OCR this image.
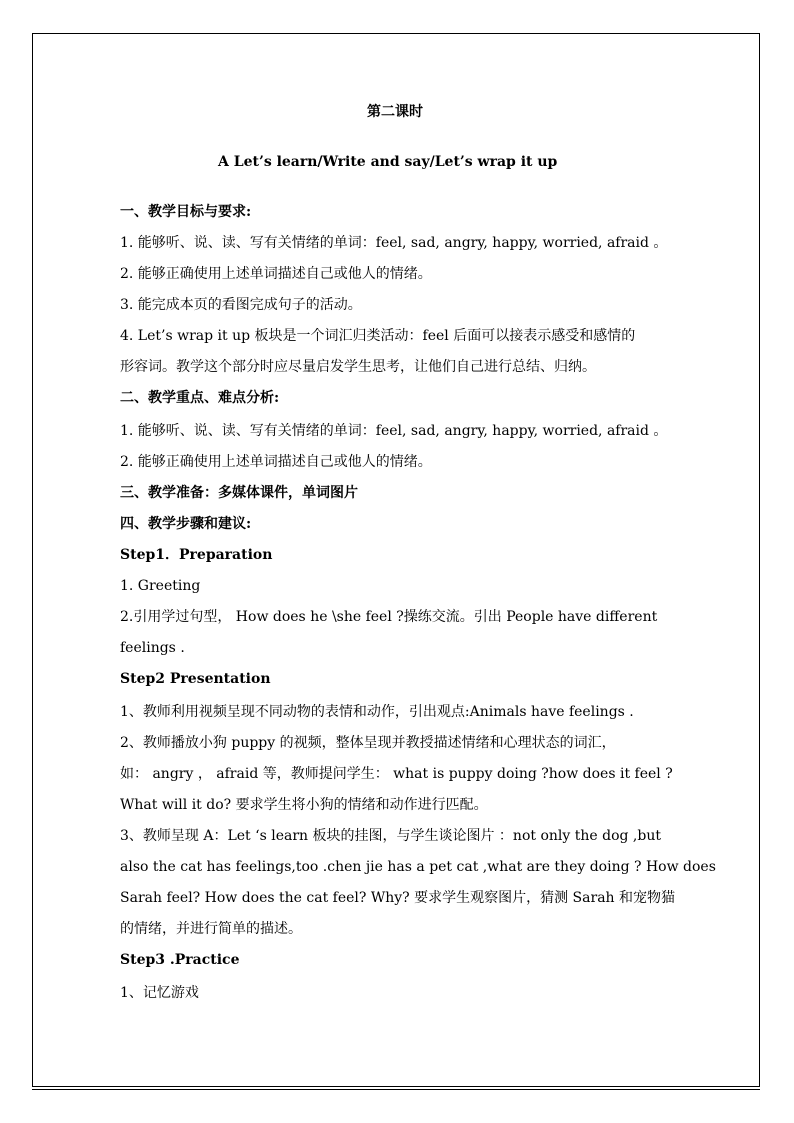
第二课时
A Let’s learn/Write and say/Let’s wrap it up
一、教学目标与要求:
1. 能够听、说、读、写有关情绪的单词：feel, sad, angry, happy, worried, afraid 。
2. 能够正确使用上述单词描述自己或他人的情绪。
3. 能完成本页的看图完成句子的活动。
4. Let’s wrap it up 板块是一个词汇归类活动：feel 后面可以接表示感受和感情的
形容词。教学这个部分时应尽量启发学生思考，让他们自己进行总结、归纳。
二、教学重点、难点分析:
1. 能够听、说、读、写有关情绪的单词：feel, sad, angry, happy, worried, afraid 。
2. 能够正确使用上述单词描述自己或他人的情绪。
三、教学准备：多媒体课件，单词图片
四、教学步骤和建议:
Step1．Preparation
1. Greeting
2.引用学过句型， How does he \she feel ?操练交流。引出 People have different
feelings .
Step2 Presentation
1、教师利用视频呈现不同动物的表情和动作，引出观点:Animals have feelings .
2、教师播放小狗 puppy 的视频，整体呈现并教授描述情绪和心理状态的词汇，
如： angry ， afraid 等，教师提问学生： what is puppy doing ?how does it feel ?
What will it do? 要求学生将小狗的情绪和动作进行匹配。
3、教师呈现 A：Let ‘s learn 板块的挂图，与学生谈论图片 ：not only the dog ,but
also the cat has feelings,too .chen jie has a pet cat ,what are they doing ? How does
Sarah feel? How does the cat feel? Why? 要求学生观察图片，猜测 Sarah 和宠物猫
的情绪，并进行简单的描述。
Step3 .Practice
1、记忆游戏
